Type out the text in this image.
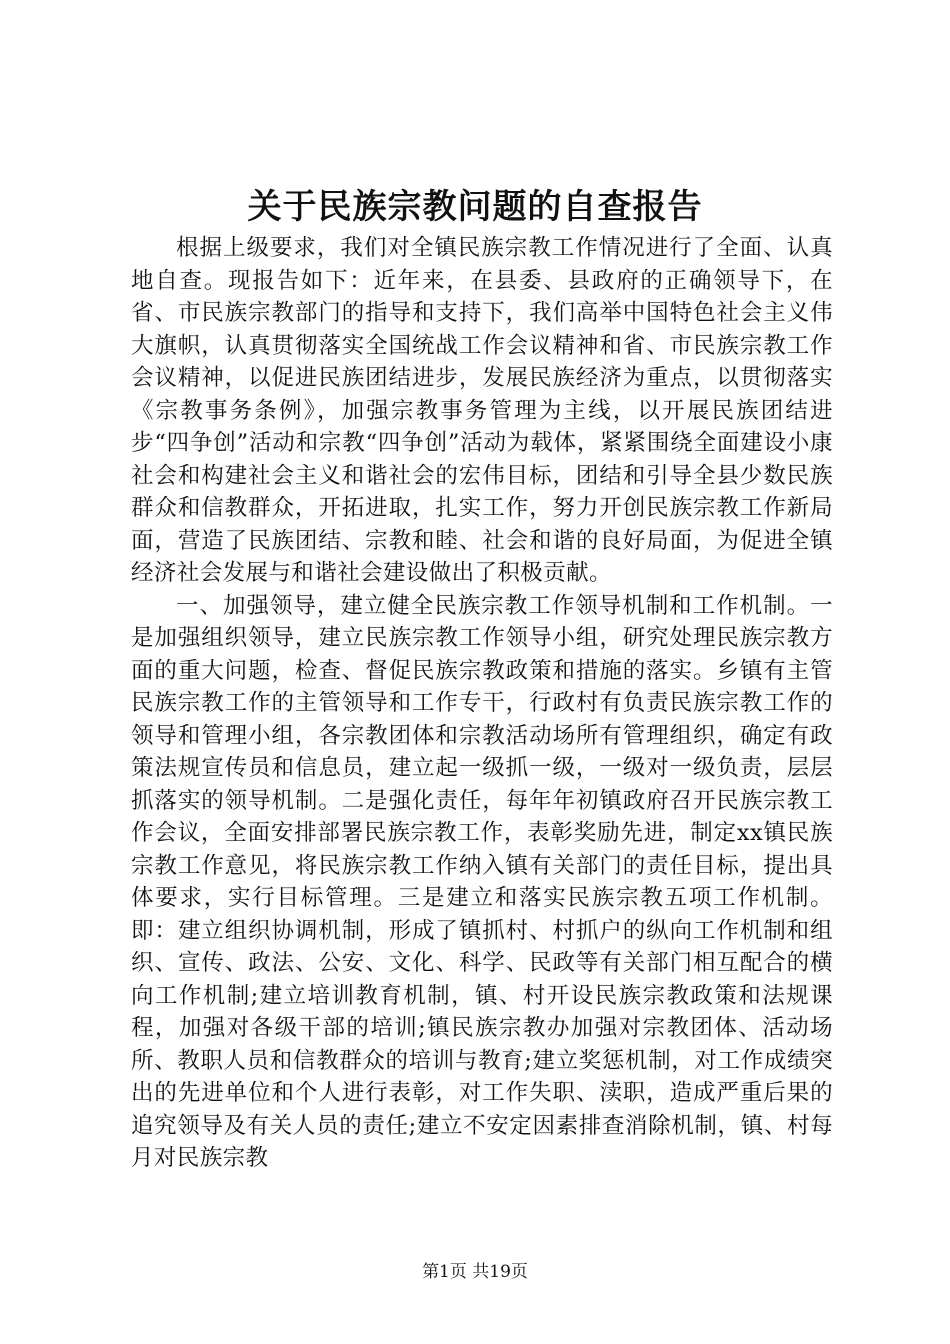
关于民族宗教问题的自查报告

根据上级要求，我们对全镇民族宗教工作情况进行了全面、认真地自查。现报告如下：近年来，在县委、县政府的正确领导下，在省、市民族宗教部门的指导和支持下，我们高举中国特色社会主义伟大旗帜，认真贯彻落实全国统战工作会议精神和省、市民族宗教工作会议精神，以促进民族团结进步，发展民族经济为重点，以贯彻落实《宗教事务条例》，加强宗教事务管理为主线，以开展民族团结进步“四争创”活动和宗教“四争创”活动为载体，紧紧围绕全面建设小康社会和构建社会主义和谐社会的宏伟目标，团结和引导全县少数民族群众和信教群众，开拓进取，扎实工作，努力开创民族宗教工作新局面，营造了民族团结、宗教和睦、社会和谐的良好局面，为促进全镇经济社会发展与和谐社会建设做出了积极贡献。

一、加强领导，建立健全民族宗教工作领导机制和工作机制。一是加强组织领导，建立民族宗教工作领导小组，研究处理民族宗教方面的重大问题，检查、督促民族宗教政策和措施的落实。乡镇有主管民族宗教工作的主管领导和工作专干，行政村有负责民族宗教工作的领导和管理小组，各宗教团体和宗教活动场所有管理组织，确定有政策法规宣传员和信息员，建立起一级抓一级，一级对一级负责，层层抓落实的领导机制。二是强化责任，每年年初镇政府召开民族宗教工作会议，全面安排部署民族宗教工作，表彰奖励先进，制定xx镇民族宗教工作意见，将民族宗教工作纳入镇有关部门的责任目标，提出具体要求，实行目标管理。三是建立和落实民族宗教五项工作机制。即：建立组织协调机制，形成了镇抓村、村抓户的纵向工作机制和组织、宣传、政法、公安、文化、科学、民政等有关部门相互配合的横向工作机制;建立培训教育机制，镇、村开设民族宗教政策和法规课程，加强对各级干部的培训;镇民族宗教办加强对宗教团体、活动场所、教职人员和信教群众的培训与教育;建立奖惩机制，对工作成绩突出的先进单位和个人进行表彰，对工作失职、渎职，造成严重后果的追究领导及有关人员的责任;建立不安定因素排查消除机制，镇、村每月对民族宗教

第1页 共19页
